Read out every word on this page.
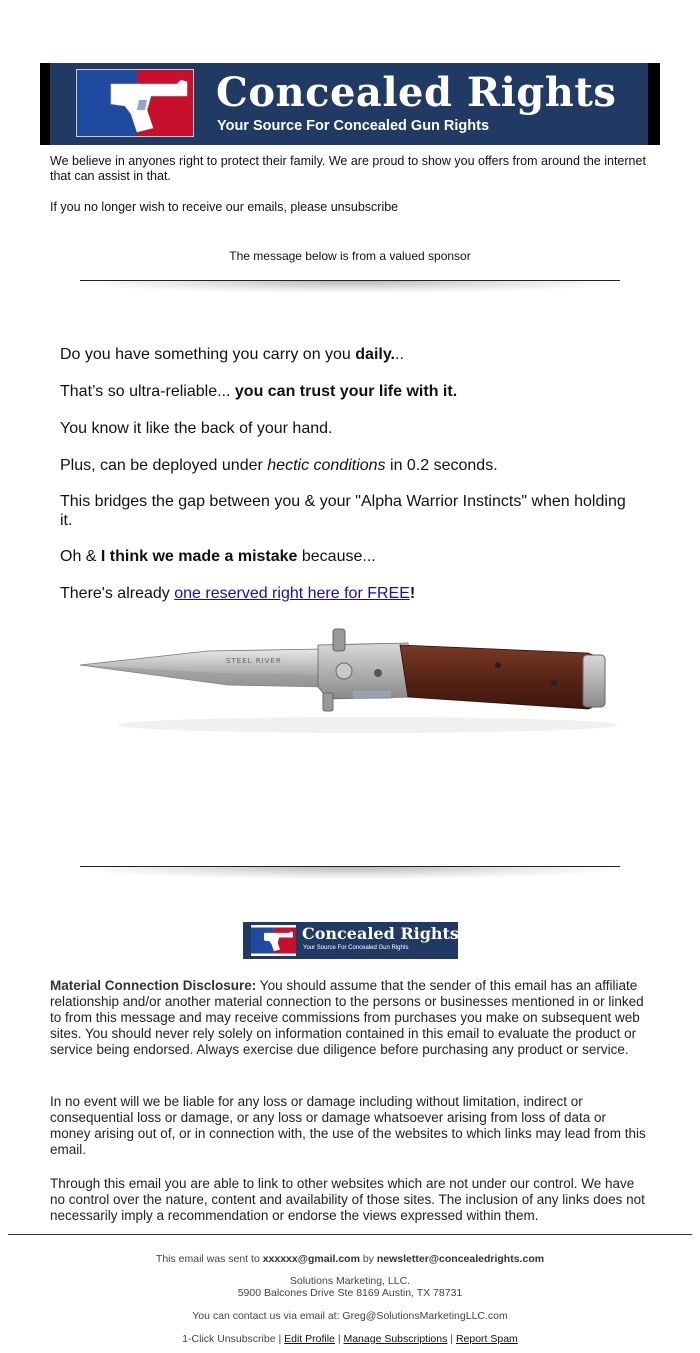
Concealed Rights
Your Source For Concealed Gun Rights
We believe in anyones right to protect their family. We are proud to show you offers from around the internet that can assist in that.
If you no longer wish to receive our emails, please unsubscribe
The message below is from a valued sponsor
Do you have something you carry on you daily...
That’s so ultra-reliable... you can trust your life with it.
You know it like the back of your hand.
Plus, can be deployed under hectic conditions in 0.2 seconds.
This bridges the gap between you & your "Alpha Warrior Instincts" when holding it.
Oh & I think we made a mistake because...
There's already one reserved right here for FREE!
STEEL RIVER
Concealed Rights
Your Source For Concealed Gun Rights
Material Connection Disclosure: You should assume that the sender of this email has an affiliate relationship and/or another material connection to the persons or businesses mentioned in or linked to from this message and may receive commissions from purchases you make on subsequent web sites. You should never rely solely on information contained in this email to evaluate the product or service being endorsed. Always exercise due diligence before purchasing any product or service.
In no event will we be liable for any loss or damage including without limitation, indirect or consequential loss or damage, or any loss or damage whatsoever arising from loss of data or money arising out of, or in connection with, the use of the websites to which links may lead from this email.
Through this email you are able to link to other websites which are not under our control. We have no control over the nature, content and availability of those sites. The inclusion of any links does not necessarily imply a recommendation or endorse the views expressed within them.
This email was sent to xxxxxx@gmail.com by newsletter@concealedrights.com
Solutions Marketing, LLC.
5900 Balcones Drive Ste 8169 Austin, TX 78731
You can contact us via email at: Greg@SolutionsMarketingLLC.com
1-Click Unsubscribe | Edit Profile | Manage Subscriptions | Report Spam
